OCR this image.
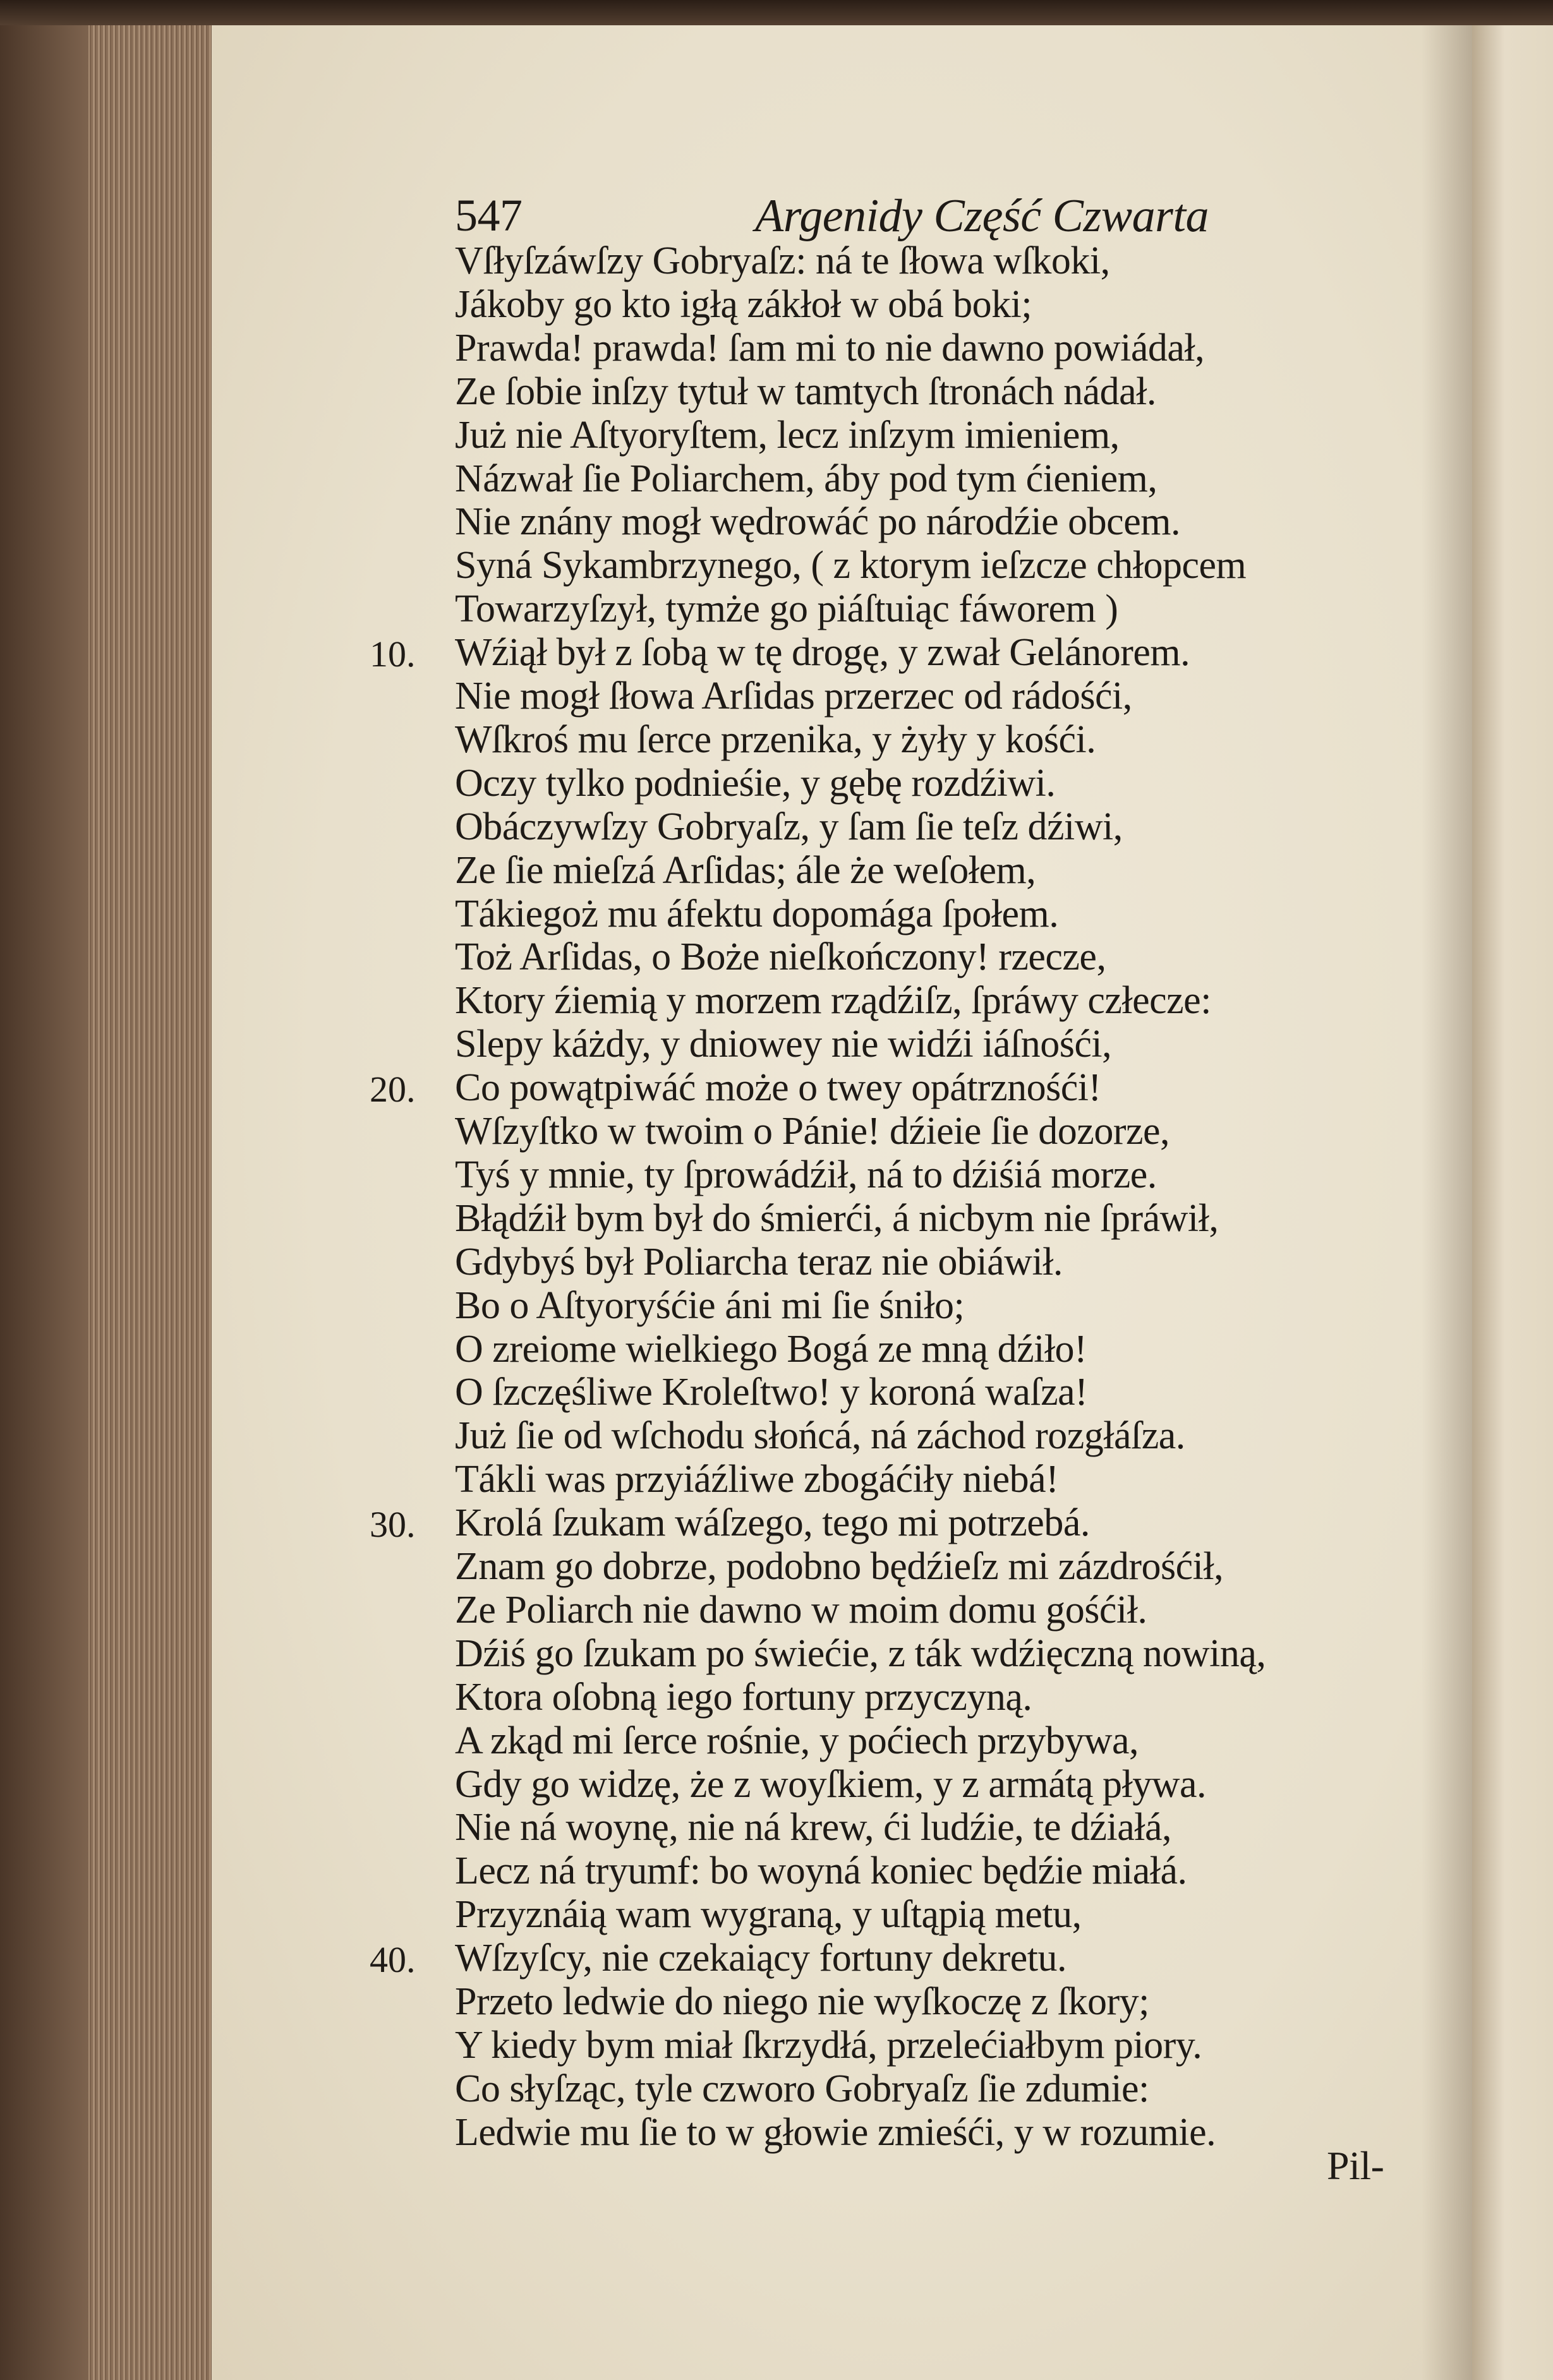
547	Argenidy Część Czwarta
Vſłyſzáwſzy Gobryaſz: ná te ſłowa wſkoki,
Jákoby go kto igłą zákłoł w obá boki;
Prawda! prawda! ſam mi to nie dawno powiádał,
Ze ſobie inſzy tytuł w tamtych ſtronách nádał.
Już nie Aſtyoryſtem, lecz inſzym imieniem,
Názwał ſie Poliarchem, áby pod tym ćieniem,
Nie znány mogł wędrowáć po národźie obcem.
Syná Sykambrzynego, ( z ktorym ieſzcze chłopcem
Towarzyſzył, tymże go piáſtuiąc fáworem )
Wźiął był z ſobą w tę drogę, y zwał Gelánorem.
10.
Nie mogł ſłowa Arſidas przerzec od rádośći,
Wſkroś mu ſerce przenika, y żyły y kośći.
Oczy tylko podnieśie, y gębę rozdźiwi.
Obáczywſzy Gobryaſz, y ſam ſie teſz dźiwi,
Ze ſie mieſzá Arſidas; ále że weſołem,
Tákiegoż mu áfektu dopomága ſpołem.
Toż Arſidas, o Boże nieſkończony! rzecze,
Ktory źiemią y morzem rządźiſz, ſpráwy człecze:
Slepy káżdy, y dniowey nie widźi iáſnośći,
Co powątpiwáć może o twey opátrznośći!
20.
Wſzyſtko w twoim o Pánie! dźieie ſie dozorze,
Tyś y mnie, ty ſprowádźił, ná to dźiśiá morze.
Błądźił bym był do śmierći, á nicbym nie ſpráwił,
Gdybyś był Poliarcha teraz nie obiáwił.
Bo o Aſtyoryśćie áni mi ſie śniło;
O zreiome wielkiego Bogá ze mną dźiło!
O ſzczęśliwe Kroleſtwo! y koroná waſza!
Już ſie od wſchodu słońcá, ná záchod rozgłáſza.
Tákli was przyiáźliwe zbogáćiły niebá!
Krolá ſzukam wáſzego, tego mi potrzebá.
30.
Znam go dobrze, podobno będźieſz mi zázdrośćił,
Ze Poliarch nie dawno w moim domu gośćił.
Dźiś go ſzukam po świećie, z ták wdźięczną nowiną,
Ktora oſobną iego fortuny przyczyną.
A zkąd mi ſerce rośnie, y poćiech przybywa,
Gdy go widzę, że z woyſkiem, y z armátą pływa.
Nie ná woynę, nie ná krew, ći ludźie, te dźiałá,
Lecz ná tryumf: bo woyná koniec będźie miałá.
Przyznáią wam wygraną, y uſtąpią metu,
Wſzyſcy, nie czekaiący fortuny dekretu.
40.
Przeto ledwie do niego nie wyſkoczę z ſkory;
Y kiedy bym miał ſkrzydłá, przelećiałbym piory.
Co słyſząc, tyle czworo Gobryaſz ſie zdumie:
Ledwie mu ſie to w głowie zmieśći, y w rozumie.
Pil-
